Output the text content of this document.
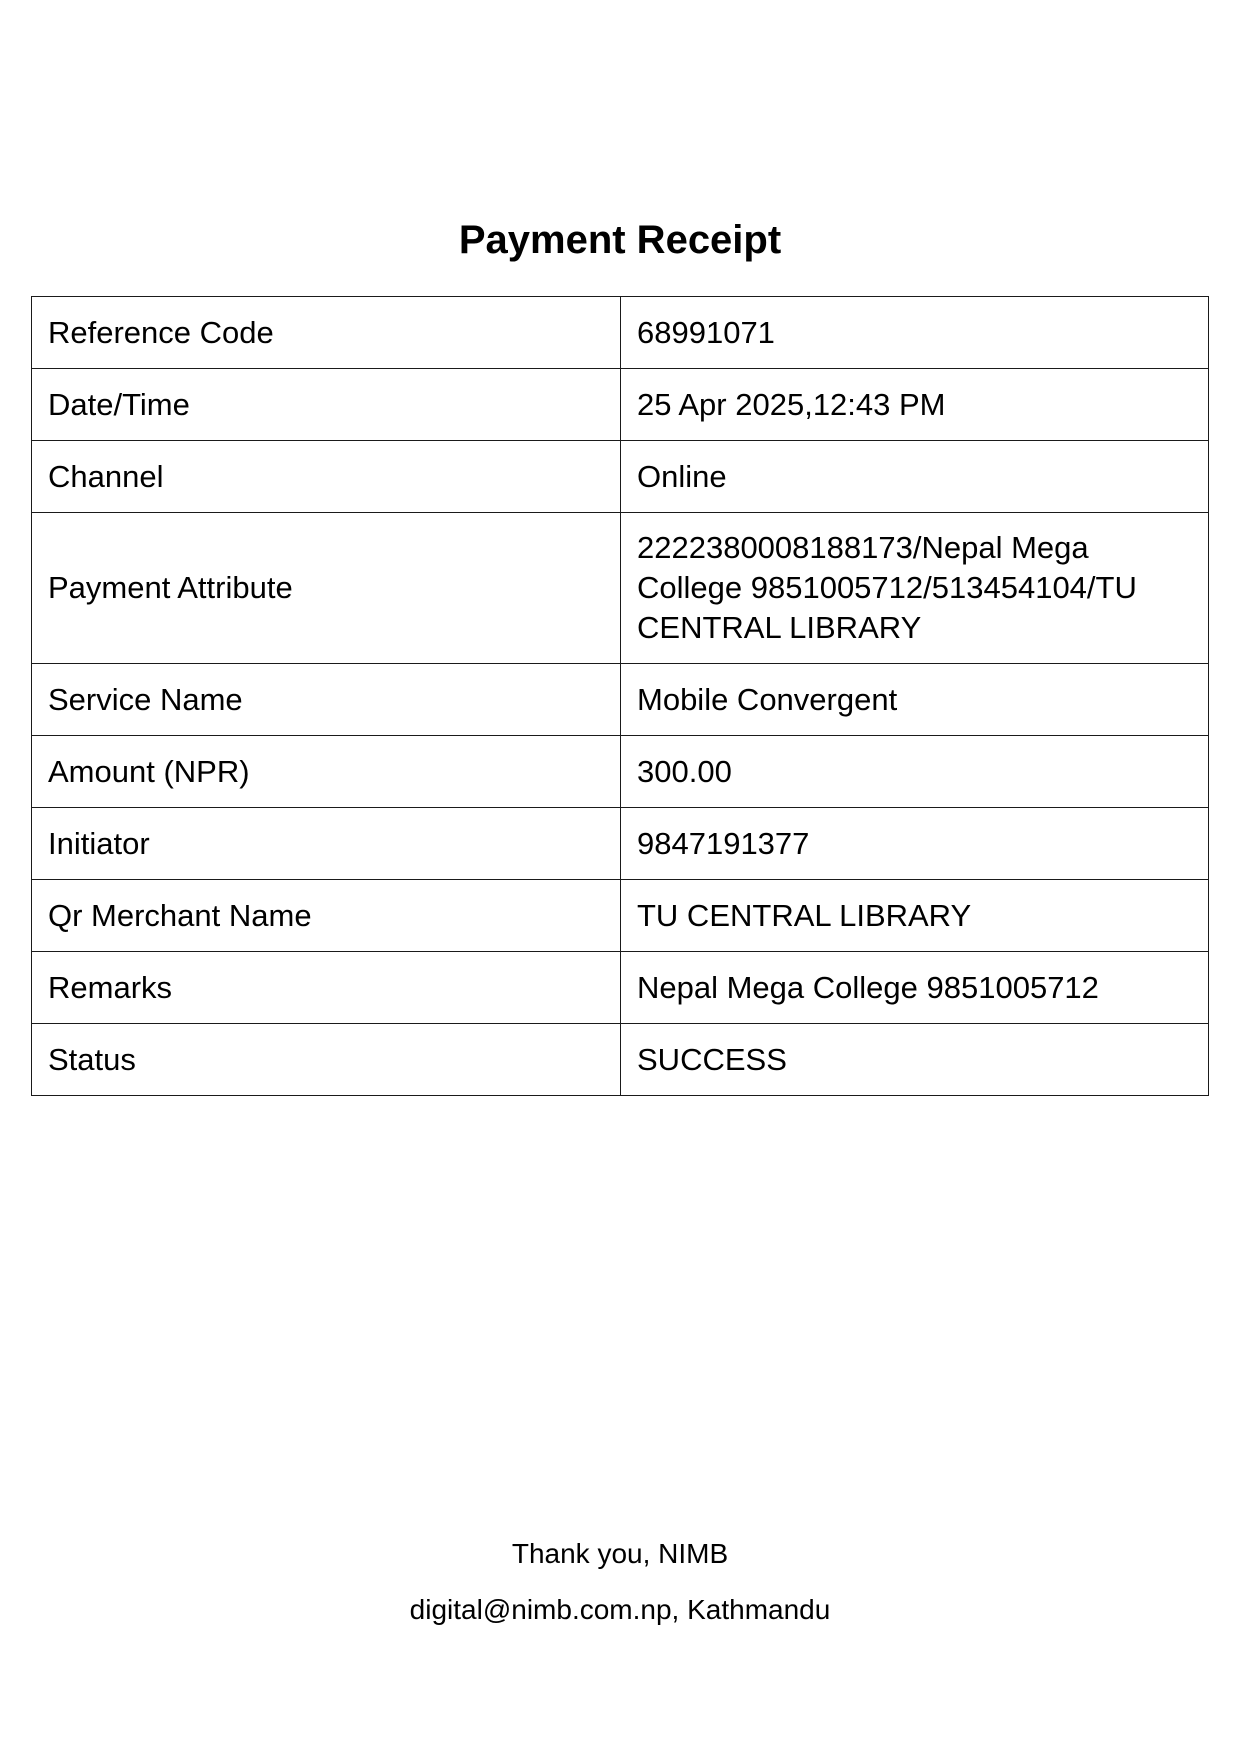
Payment Receipt
Reference Code	68991071
Date/Time	25 Apr 2025,12:43 PM
Channel	Online
Payment Attribute	2222380008188173/Nepal Mega
College 9851005712/513454104/TU
CENTRAL LIBRARY

Service Name	Mobile Convergent
Amount (NPR)	300.00
Initiator	9847191377
Qr Merchant Name	TU CENTRAL LIBRARY
Remarks	Nepal Mega College 9851005712
Status	SUCCESS

Thank you, NIMB

digital@nimb.com.np, Kathmandu
